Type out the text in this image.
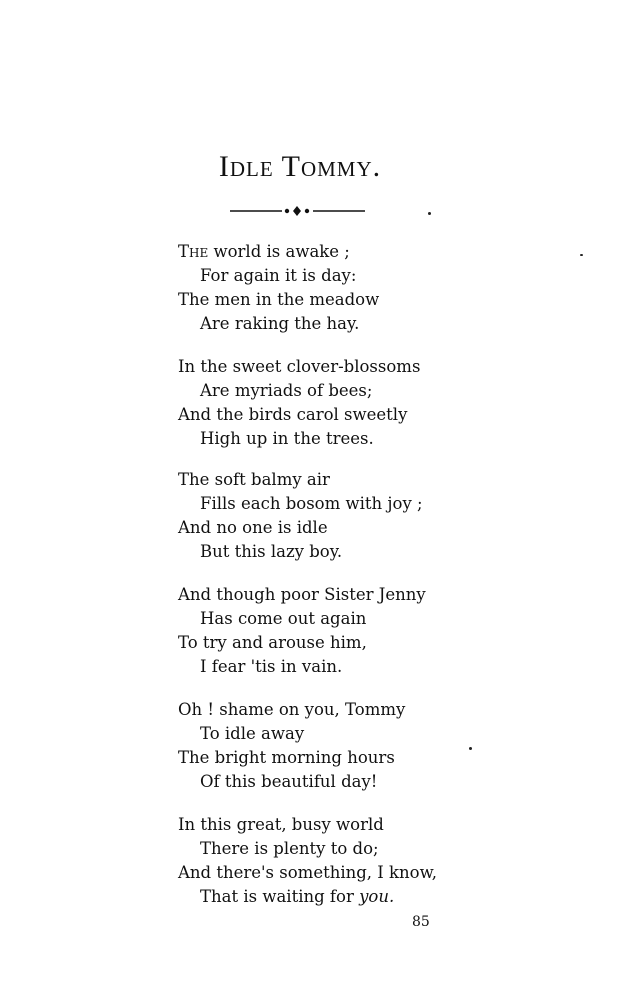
Idle Tommy.
The world is awake ;
For again it is day:
The men in the meadow
Are raking the hay.
In the sweet clover-blossoms
Are myriads of bees;
And the birds carol sweetly
High up in the trees.
The soft balmy air
Fills each bosom with joy ;
And no one is idle
But this lazy boy.
And though poor Sister Jenny
Has come out again
To try and arouse him,
I fear 'tis in vain.
Oh ! shame on you, Tommy
To idle away
The bright morning hours
Of this beautiful day!
In this great, busy world
There is plenty to do;
And there's something, I know,
That is waiting for you.
85
